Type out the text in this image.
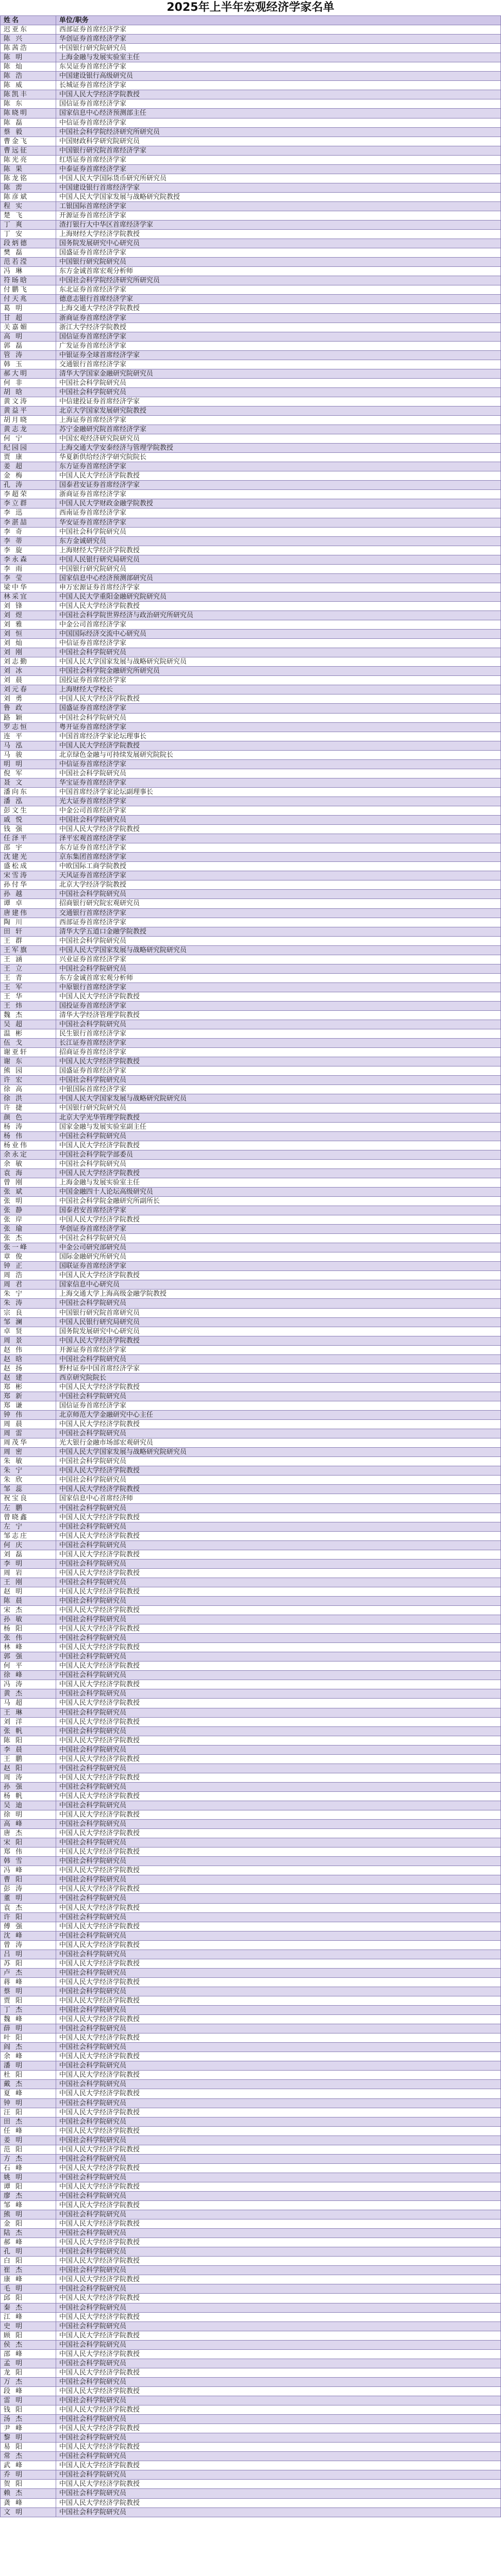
2025年上半年宏观经济学家名单
姓名	单位/职务
迟亚东	西部证券首席经济学家
陈 兴	华创证券首席经济学家
陈茜浩	中国银行研究院研究员
陈 明	上海金融与发展实验室主任
陈 灿	东吴证券首席经济学家
陈 浩	中国建设银行高级研究员
陈 威	长城证券首席经济学家
陈凯丰	中国人民大学经济学院教授
陈 东	国信证券首席经济学家
陈晓明	国家信息中心经济预测部主任
陈 磊	中信证券首席经济学家
蔡 毅	中国社会科学院经济研究所研究员
曹金飞	中国财政科学研究院研究员
曹远征	中国银行研究院首席经济学家
陈光亮	红塔证券首席经济学家
陈 果	中泰证券首席经济学家
陈龙铭	中国人民大学国际货币研究所研究员
陈 雳	中国建设银行首席经济学家
陈彦斌	中国人民大学国家发展与战略研究院教授
程 实	工银国际首席经济学家
楚 飞	开源证券首席经济学家
丁 爽	渣打银行大中华区首席经济学家
丁 安	上海财经大学经济学院教授
段炳德	国务院发展研究中心研究员
樊 磊	国盛证券首席经济学家
范若滢	中国银行研究院研究员
冯 琳	东方金诚首席宏观分析师
符旸晗	中国社会科学院经济研究所研究员
付鹏飞	东北证券首席经济学家
付天兆	德意志银行首席经济学家
葛 明	上海交通大学经济学院教授
甘 超	浙商证券首席经济学家
关嘉媚	浙江大学经济学院教授
高 明	国信证券首席经济学家
郭 磊	广发证券首席经济学家
管 涛	中银证券全球首席经济学家
韩 玉	交通银行首席经济学家
郝大明	清华大学国家金融研究院研究员
何 非	中国社会科学院研究员
胡 晗	中国社会科学院研究员
黄文涛	中信建投证券首席经济学家
黄益平	北京大学国家发展研究院教授
胡月晓	上海证券首席经济学家
黄志龙	苏宁金融研究院首席经济学家
何 宁	中国宏观经济研究院研究员
纪园园	上海交通大学安泰经济与管理学院教授
贾 康	华夏新供给经济学研究院院长
姜 超	东方证券首席经济学家
金 梅	中国人民大学经济学院教授
孔 涛	国泰君安证券首席经济学家
李超荣	浙商证券首席经济学家
李立群	中国人民大学财政金融学院教授
李 迅	西南证券首席经济学家
李湛喆	华安证券首席经济学家
李 奇	中国社会科学院研究员
李 蒂	东方金诚研究员
李 旋	上海财经大学经济学院教授
李永森	中国人民银行研究局研究员
李 雨	中国银行研究院研究员
李 莹	国家信息中心经济预测部研究员
梁中华	申万宏源证券首席经济学家
林采宜	中国人民大学重阳金融研究院研究员
刘 锋	中国人民大学经济学院教授
刘 煜	中国社会科学院世界经济与政治研究所研究员
刘 雅	中金公司首席经济学家
刘 恒	中国国际经济交流中心研究员
刘 灿	中信证券首席经济学家
刘 刚	中国社会科学院研究员
刘志勤	中国人民大学国家发展与战略研究院研究员
刘 冰	中国社会科学院金融研究所研究员
刘 晨	国投证券首席经济学家
刘元春	上海财经大学校长
刘 勇	中国人民大学经济学院教授
鲁 政	国盛证券首席经济学家
路 颖	中国社会科学院研究员
罗志恒	粤开证券首席经济学家
连 平	中国首席经济学家论坛理事长
马 泓	中国人民大学经济学院教授
马 骏	北京绿色金融与可持续发展研究院院长
明 明	中信证券首席经济学家
倪 军	中国社会科学院研究员
聂 文	华宝证券首席经济学家
潘向东	中国首席经济学家论坛副理事长
潘 泓	光大证券首席经济学家
彭文生	中金公司首席经济学家
戚 悦	中国社会科学院研究员
钱 强	中国人民大学经济学院教授
任泽平	泽平宏观首席经济学家
邵 宇	东方证券首席经济学家
沈建光	京东集团首席经济学家
盛松成	中欧国际工商学院教授
宋雪涛	天风证券首席经济学家
孙付华	北京大学经济学院教授
孙 越	中国社会科学院研究员
谭 卓	招商银行研究院宏观研究员
唐建伟	交通银行首席经济学家
陶 川	西部证券首席经济学家
田 轩	清华大学五道口金融学院教授
王 群	中国社会科学院研究员
王军旗	中国人民大学国家发展与战略研究院研究员
王 涵	兴业证券首席经济学家
王 立	中国社会科学院研究员
王 青	东方金诚首席宏观分析师
王 军	中原银行首席经济学家
王 华	中国人民大学经济学院教授
王 炜	国投证券首席经济学家
魏 杰	清华大学经济管理学院教授
吴 超	中国社会科学院研究员
温 彬	民生银行首席经济学家
伍 戈	长江证券首席经济学家
谢亚轩	招商证券首席经济学家
谢 东	中国人民大学经济学院教授
熊 园	国盛证券首席经济学家
许 宏	中国社会科学院研究员
徐 高	中银国际首席经济学家
徐 洪	中国人民大学国家发展与战略研究院研究员
许 捷	中国银行研究院研究员
颜 色	北京大学光华管理学院教授
杨 涛	国家金融与发展实验室副主任
杨 伟	中国社会科学院研究员
杨业伟	中国人民大学经济学院教授
余永定	中国社会科学院学部委员
余 敏	中国社会科学院研究员
袁 海	中国人民大学经济学院教授
曾 刚	上海金融与发展实验室主任
张 斌	中国金融四十人论坛高级研究员
张 明	中国社会科学院金融研究所副所长
张 静	国泰君安首席经济学家
张 岸	中国人民大学经济学院教授
张 瑜	华创证券首席经济学家
张 杰	中国社会科学院研究员
张一峰	中金公司研究部研究员
章 俊	国际金融研究所研究员
钟 正	国联证券首席经济学家
周 浩	中国人民大学经济学院教授
周 君	国家信息中心研究员
朱 宁	上海交通大学上海高级金融学院教授
朱 涛	中国社会科学院研究员
宗 良	中国银行研究院首席研究员
邹 澜	中国人民银行研究局研究员
卓 贤	国务院发展研究中心研究员
周 景	中国人民大学经济学院教授
赵 伟	开源证券首席经济学家
赵 晗	中国社会科学院研究员
赵 扬	野村证券中国首席经济学家
赵 建	西京研究院院长
郑 彬	中国人民大学经济学院教授
郑 新	中国社会科学院研究员
郑 谦	国信证券首席经济学家
钟 伟	北京师范大学金融研究中心主任
周 晨	中国人民大学经济学院教授
周 雷	中国社会科学院研究员
周茂华	光大银行金融市场部宏观研究员
周 密	中国人民大学国家发展与战略研究院研究员
朱 敏	中国社会科学院研究员
朱 宁	中国人民大学经济学院教授
朱 欣	中国社会科学院研究员
邹 蕊	中国人民大学经济学院教授
祝宝良	国家信息中心首席经济师
左 鹏	中国社会科学院研究员
曾晓鑫	中国人民大学经济学院教授
左 宁	中国社会科学院研究员
邹志庄	中国人民大学经济学院教授
何 庆	中国社会科学院研究员
刘 磊	中国人民大学经济学院教授
李 明	中国社会科学院研究员
周 岩	中国人民大学经济学院教授
王 刚	中国社会科学院研究员
赵 明	中国人民大学经济学院教授
陈 晨	中国社会科学院研究员
宋 杰	中国人民大学经济学院教授
孙 敏	中国社会科学院研究员
杨 阳	中国人民大学经济学院教授
张 伟	中国社会科学院研究员
林 峰	中国人民大学经济学院教授
郭 强	中国社会科学院研究员
何 平	中国人民大学经济学院教授
徐 峰	中国社会科学院研究员
冯 涛	中国人民大学经济学院教授
黄 杰	中国社会科学院研究员
马 超	中国人民大学经济学院教授
王 琳	中国社会科学院研究员
刘 洋	中国人民大学经济学院教授
张 帆	中国社会科学院研究员
陈 阳	中国人民大学经济学院教授
李 晨	中国社会科学院研究员
王 鹏	中国人民大学经济学院教授
赵 阳	中国社会科学院研究员
周 涛	中国人民大学经济学院教授
孙 强	中国社会科学院研究员
杨 帆	中国人民大学经济学院教授
吴 迪	中国社会科学院研究员
徐 明	中国人民大学经济学院教授
高 峰	中国社会科学院研究员
唐 杰	中国人民大学经济学院教授
宋 阳	中国社会科学院研究员
郑 伟	中国人民大学经济学院教授
韩 雪	中国社会科学院研究员
冯 峰	中国人民大学经济学院教授
曹 阳	中国社会科学院研究员
彭 涛	中国人民大学经济学院教授
董 明	中国社会科学院研究员
袁 杰	中国人民大学经济学院教授
许 阳	中国社会科学院研究员
傅 强	中国人民大学经济学院教授
沈 峰	中国社会科学院研究员
曾 涛	中国人民大学经济学院教授
吕 明	中国社会科学院研究员
苏 阳	中国人民大学经济学院教授
卢 杰	中国社会科学院研究员
蒋 峰	中国人民大学经济学院教授
蔡 明	中国社会科学院研究员
贾 阳	中国人民大学经济学院教授
丁 杰	中国社会科学院研究员
魏 峰	中国人民大学经济学院教授
薛 明	中国社会科学院研究员
叶 阳	中国人民大学经济学院教授
阎 杰	中国社会科学院研究员
余 峰	中国人民大学经济学院教授
潘 明	中国社会科学院研究员
杜 阳	中国人民大学经济学院教授
戴 杰	中国社会科学院研究员
夏 峰	中国人民大学经济学院教授
钟 明	中国社会科学院研究员
汪 阳	中国人民大学经济学院教授
田 杰	中国社会科学院研究员
任 峰	中国人民大学经济学院教授
姜 明	中国社会科学院研究员
范 阳	中国人民大学经济学院教授
方 杰	中国社会科学院研究员
石 峰	中国人民大学经济学院教授
姚 明	中国社会科学院研究员
谭 阳	中国人民大学经济学院教授
廖 杰	中国社会科学院研究员
邹 峰	中国人民大学经济学院教授
熊 明	中国社会科学院研究员
金 阳	中国人民大学经济学院教授
陆 杰	中国社会科学院研究员
郝 峰	中国人民大学经济学院教授
孔 明	中国社会科学院研究员
白 阳	中国人民大学经济学院教授
崔 杰	中国社会科学院研究员
康 峰	中国人民大学经济学院教授
毛 明	中国社会科学院研究员
邱 阳	中国人民大学经济学院教授
秦 杰	中国社会科学院研究员
江 峰	中国人民大学经济学院教授
史 明	中国社会科学院研究员
顾 阳	中国人民大学经济学院教授
侯 杰	中国社会科学院研究员
邵 峰	中国人民大学经济学院教授
孟 明	中国社会科学院研究员
龙 阳	中国人民大学经济学院教授
万 杰	中国社会科学院研究员
段 峰	中国人民大学经济学院教授
雷 明	中国社会科学院研究员
钱 阳	中国人民大学经济学院教授
汤 杰	中国社会科学院研究员
尹 峰	中国人民大学经济学院教授
黎 明	中国社会科学院研究员
易 阳	中国人民大学经济学院教授
常 杰	中国社会科学院研究员
武 峰	中国人民大学经济学院教授
乔 明	中国社会科学院研究员
贺 阳	中国人民大学经济学院教授
赖 杰	中国社会科学院研究员
龚 峰	中国人民大学经济学院教授
文 明	中国社会科学院研究员
